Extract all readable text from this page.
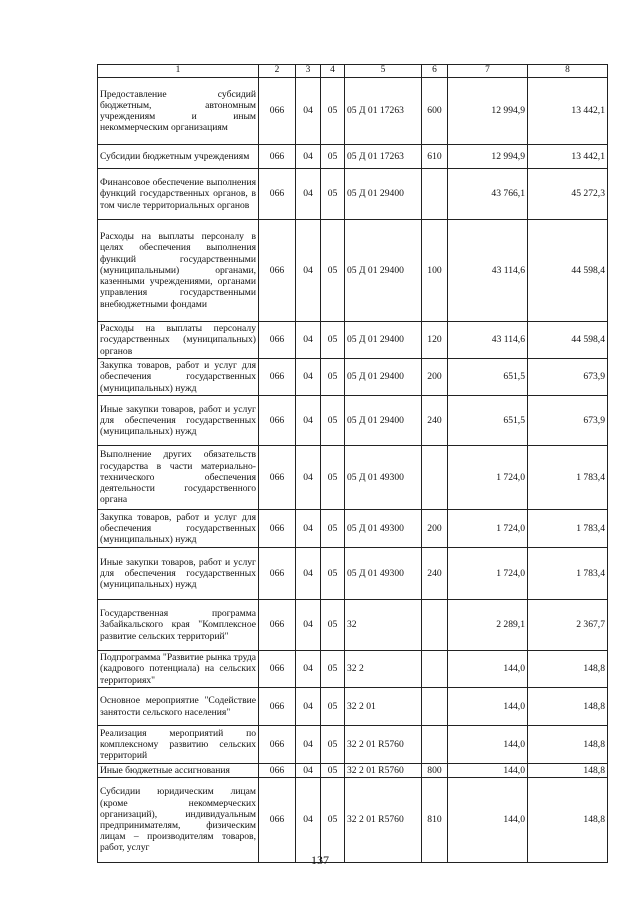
1	2	3	4	5	6	7	8
Предоставление субсидий бюджетным, автономным учреждениям и иным некоммерческим организациям	066	04	05	05 Д 01 17263	600	12 994,9	13 442,1
Субсидии бюджетным учреждениям	066	04	05	05 Д 01 17263	610	12 994,9	13 442,1
Финансовое обеспечение выполнения функций государственных органов, в том числе территориальных органов	066	04	05	05 Д 01 29400		43 766,1	45 272,3
Расходы на выплаты персоналу в целях обеспечения выполнения функций государственными (муниципальными) органами, казенными учреждениями, органами управления государственными внебюджетными фондами	066	04	05	05 Д 01 29400	100	43 114,6	44 598,4
Расходы на выплаты персоналу государственных (муниципальных) органов	066	04	05	05 Д 01 29400	120	43 114,6	44 598,4
Закупка товаров, работ и услуг для обеспечения государственных (муниципальных) нужд	066	04	05	05 Д 01 29400	200	651,5	673,9
Иные закупки товаров, работ и услуг для обеспечения государственных (муниципальных) нужд	066	04	05	05 Д 01 29400	240	651,5	673,9
Выполнение других обязательств государства в части материально-технического обеспечения деятельности государственного органа	066	04	05	05 Д 01 49300		1 724,0	1 783,4
Закупка товаров, работ и услуг для обеспечения государственных (муниципальных) нужд	066	04	05	05 Д 01 49300	200	1 724,0	1 783,4
Иные закупки товаров, работ и услуг для обеспечения государственных (муниципальных) нужд	066	04	05	05 Д 01 49300	240	1 724,0	1 783,4
Государственная программа Забайкальского края "Комплексное развитие сельских территорий"	066	04	05	32		2 289,1	2 367,7
Подпрограмма "Развитие рынка труда (кадрового потенциала) на сельских территориях"	066	04	05	32 2		144,0	148,8
Основное мероприятие "Содействие занятости сельского населения"	066	04	05	32 2 01		144,0	148,8
Реализация мероприятий по комплексному развитию сельских территорий	066	04	05	32 2 01 R5760		144,0	148,8
Иные бюджетные ассигнования	066	04	05	32 2 01 R5760	800	144,0	148,8
Субсидии юридическим лицам (кроме некоммерческих организаций), индивидуальным предпринимателям, физическим лицам – производителям товаров, работ, услуг	066	04	05	32 2 01 R5760	810	144,0	148,8
137
